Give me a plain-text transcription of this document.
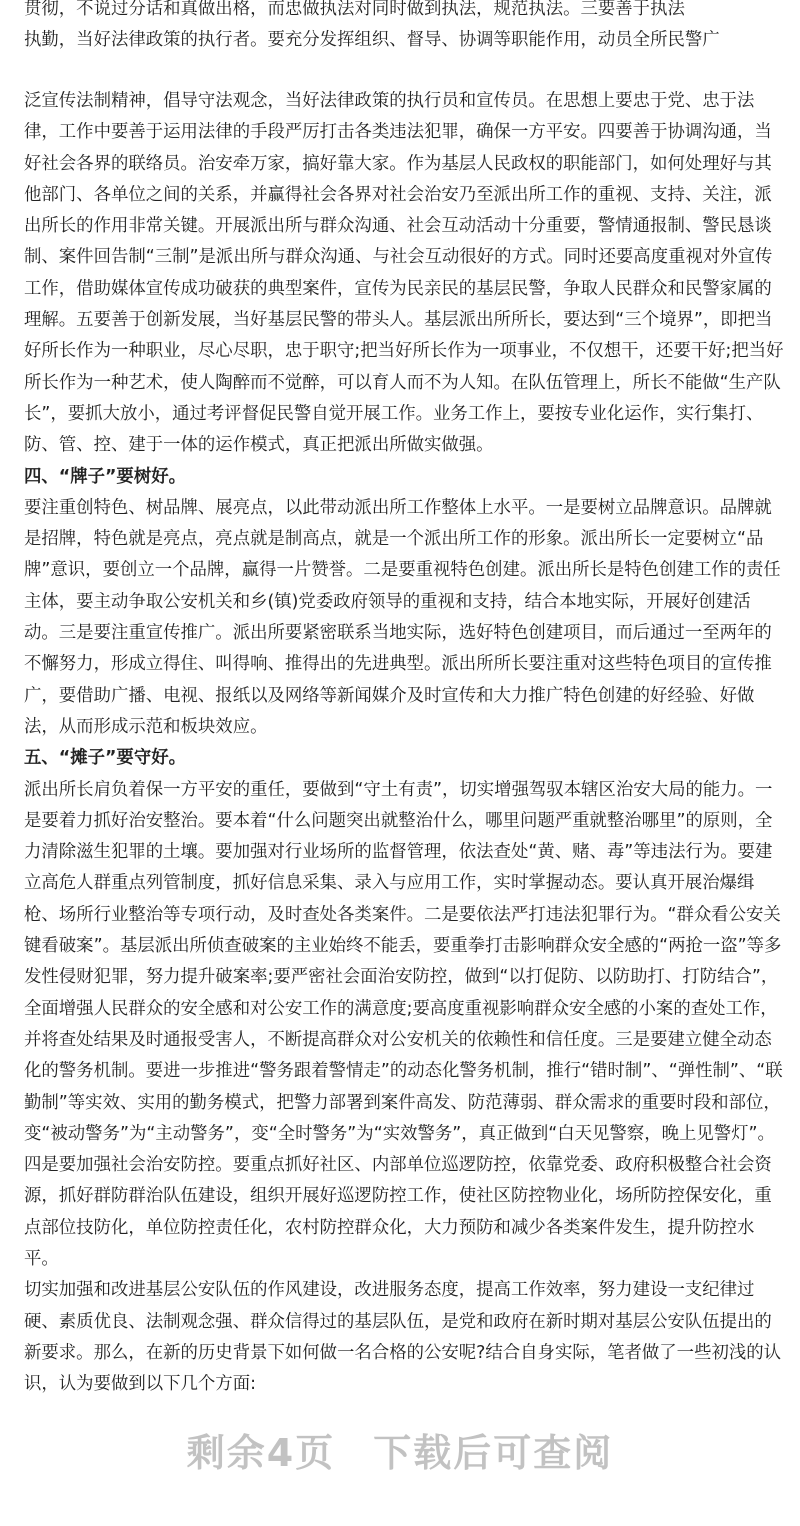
贯彻，不说过分话和真做出格，而忠做执法对同时做到执法，规范执法。三要善于执法
执勤，当好法律政策的执行者。要充分发挥组织、督导、协调等职能作用，动员全所民警广

泛宣传法制精神，倡导守法观念，当好法律政策的执行员和宣传员。在思想上要忠于党、忠于法律，工作中要善于运用法律的手段严厉打击各类违法犯罪，确保一方平安。四要善于协调沟通，当好社会各界的联络员。治安牵万家，搞好靠大家。作为基层人民政权的职能部门，如何处理好与其他部门、各单位之间的关系，并赢得社会各界对社会治安乃至派出所工作的重视、支持、关注，派出所长的作用非常关键。开展派出所与群众沟通、社会互动活动十分重要，警情通报制、警民恳谈制、案件回告制“三制”是派出所与群众沟通、与社会互动很好的方式。同时还要高度重视对外宣传工作，借助媒体宣传成功破获的典型案件，宣传为民亲民的基层民警，争取人民群众和民警家属的理解。五要善于创新发展，当好基层民警的带头人。基层派出所所长，要达到“三个境界”，即把当好所长作为一种职业，尽心尽职，忠于职守;把当好所长作为一项事业，不仅想干，还要干好;把当好所长作为一种艺术，使人陶醉而不觉醉，可以育人而不为人知。在队伍管理上，所长不能做“生产队长”，要抓大放小，通过考评督促民警自觉开展工作。业务工作上，要按专业化运作，实行集打、防、管、控、建于一体的运作模式，真正把派出所做实做强。

四、“牌子”要树好。

要注重创特色、树品牌、展亮点，以此带动派出所工作整体上水平。一是要树立品牌意识。品牌就是招牌，特色就是亮点，亮点就是制高点，就是一个派出所工作的形象。派出所长一定要树立“品牌”意识，要创立一个品牌，赢得一片赞誉。二是要重视特色创建。派出所长是特色创建工作的责任主体，要主动争取公安机关和乡(镇)党委政府领导的重视和支持，结合本地实际，开展好创建活动。三是要注重宣传推广。派出所要紧密联系当地实际，选好特色创建项目，而后通过一至两年的不懈努力，形成立得住、叫得响、推得出的先进典型。派出所所长要注重对这些特色项目的宣传推广，要借助广播、电视、报纸以及网络等新闻媒介及时宣传和大力推广特色创建的好经验、好做法，从而形成示范和板块效应。

五、“摊子”要守好。

派出所长肩负着保一方平安的重任，要做到“守土有责”，切实增强驾驭本辖区治安大局的能力。一是要着力抓好治安整治。要本着“什么问题突出就整治什么，哪里问题严重就整治哪里”的原则，全力清除滋生犯罪的土壤。要加强对行业场所的监督管理，依法查处“黄、赌、毒”等违法行为。要建立高危人群重点列管制度，抓好信息采集、录入与应用工作，实时掌握动态。要认真开展治爆缉枪、场所行业整治等专项行动，及时查处各类案件。二是要依法严打违法犯罪行为。“群众看公安关键看破案”。基层派出所侦查破案的主业始终不能丢，要重拳打击影响群众安全感的“两抢一盗”等多发性侵财犯罪，努力提升破案率;要严密社会面治安防控，做到“以打促防、以防助打、打防结合”，全面增强人民群众的安全感和对公安工作的满意度;要高度重视影响群众安全感的小案的查处工作，并将查处结果及时通报受害人，不断提高群众对公安机关的依赖性和信任度。三是要建立健全动态化的警务机制。要进一步推进“警务跟着警情走”的动态化警务机制，推行“错时制”、“弹性制”、“联勤制”等实效、实用的勤务模式，把警力部署到案件高发、防范薄弱、群众需求的重要时段和部位，变“被动警务”为“主动警务”，变“全时警务”为“实效警务”，真正做到“白天见警察，晚上见警灯”。四是要加强社会治安防控。要重点抓好社区、内部单位巡逻防控，依靠党委、政府积极整合社会资源，抓好群防群治队伍建设，组织开展好巡逻防控工作，使社区防控物业化，场所防控保安化，重点部位技防化，单位防控责任化，农村防控群众化，大力预防和减少各类案件发生，提升防控水平。

切实加强和改进基层公安队伍的作风建设，改进服务态度，提高工作效率，努力建设一支纪律过硬、素质优良、法制观念强、群众信得过的基层队伍，是党和政府在新时期对基层公安队伍提出的新要求。那么，在新的历史背景下如何做一名合格的公安呢?结合自身实际，笔者做了一些初浅的认识，认为要做到以下几个方面:

剩余4页 下载后可查阅
